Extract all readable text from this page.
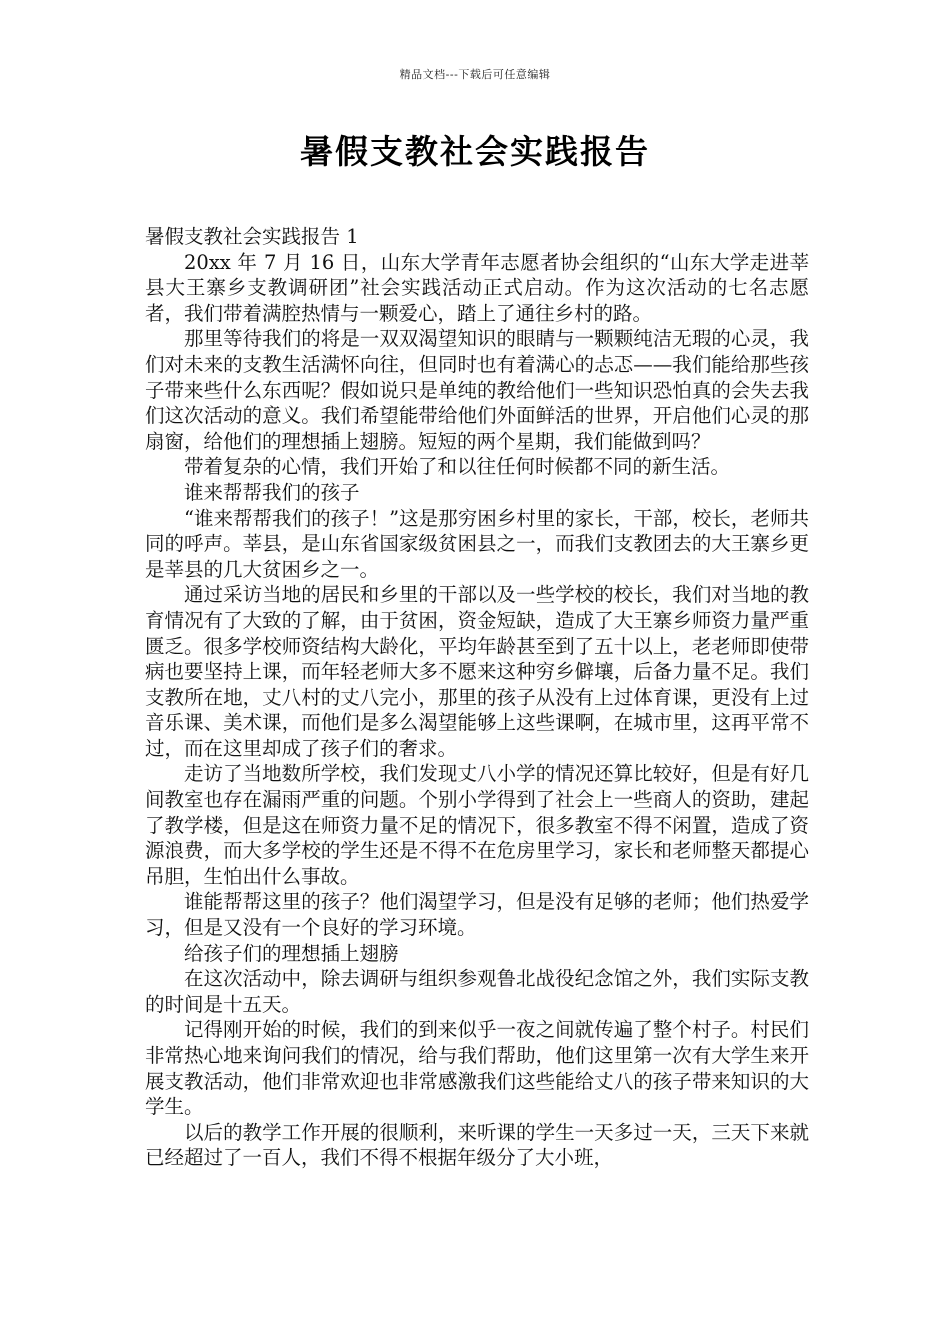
精品文档---下载后可任意编辑
暑假支教社会实践报告

暑假支教社会实践报告 1

20xx 年 7 月 16 日，山东大学青年志愿者协会组织的“山东大学走进莘县大王寨乡支教调研团”社会实践活动正式启动。作为这次活动的七名志愿者，我们带着满腔热情与一颗爱心，踏上了通往乡村的路。

那里等待我们的将是一双双渴望知识的眼睛与一颗颗纯洁无瑕的心灵，我们对未来的支教生活满怀向往，但同时也有着满心的忐忑——我们能给那些孩子带来些什么东西呢？假如说只是单纯的教给他们一些知识恐怕真的会失去我们这次活动的意义。我们希望能带给他们外面鲜活的世界，开启他们心灵的那扇窗，给他们的理想插上翅膀。短短的两个星期，我们能做到吗？

带着复杂的心情，我们开始了和以往任何时候都不同的新生活。

谁来帮帮我们的孩子

“谁来帮帮我们的孩子！”这是那穷困乡村里的家长，干部，校长，老师共同的呼声。莘县，是山东省国家级贫困县之一，而我们支教团去的大王寨乡更是莘县的几大贫困乡之一。

通过采访当地的居民和乡里的干部以及一些学校的校长，我们对当地的教育情况有了大致的了解，由于贫困，资金短缺，造成了大王寨乡师资力量严重匮乏。很多学校师资结构大龄化，平均年龄甚至到了五十以上，老老师即使带病也要坚持上课，而年轻老师大多不愿来这种穷乡僻壤，后备力量不足。我们支教所在地，丈八村的丈八完小，那里的孩子从没有上过体育课，更没有上过音乐课、美术课，而他们是多么渴望能够上这些课啊，在城市里，这再平常不过，而在这里却成了孩子们的奢求。

走访了当地数所学校，我们发现丈八小学的情况还算比较好，但是有好几间教室也存在漏雨严重的问题。个别小学得到了社会上一些商人的资助，建起了教学楼，但是这在师资力量不足的情况下，很多教室不得不闲置，造成了资源浪费，而大多学校的学生还是不得不在危房里学习，家长和老师整天都提心吊胆，生怕出什么事故。

谁能帮帮这里的孩子？他们渴望学习，但是没有足够的老师；他们热爱学习，但是又没有一个良好的学习环境。

给孩子们的理想插上翅膀

在这次活动中，除去调研与组织参观鲁北战役纪念馆之外，我们实际支教的时间是十五天。

记得刚开始的时候，我们的到来似乎一夜之间就传遍了整个村子。村民们非常热心地来询问我们的情况，给与我们帮助，他们这里第一次有大学生来开展支教活动，他们非常欢迎也非常感激我们这些能给丈八的孩子带来知识的大学生。

以后的教学工作开展的很顺利，来听课的学生一天多过一天，三天下来就已经超过了一百人，我们不得不根据年级分了大小班，
